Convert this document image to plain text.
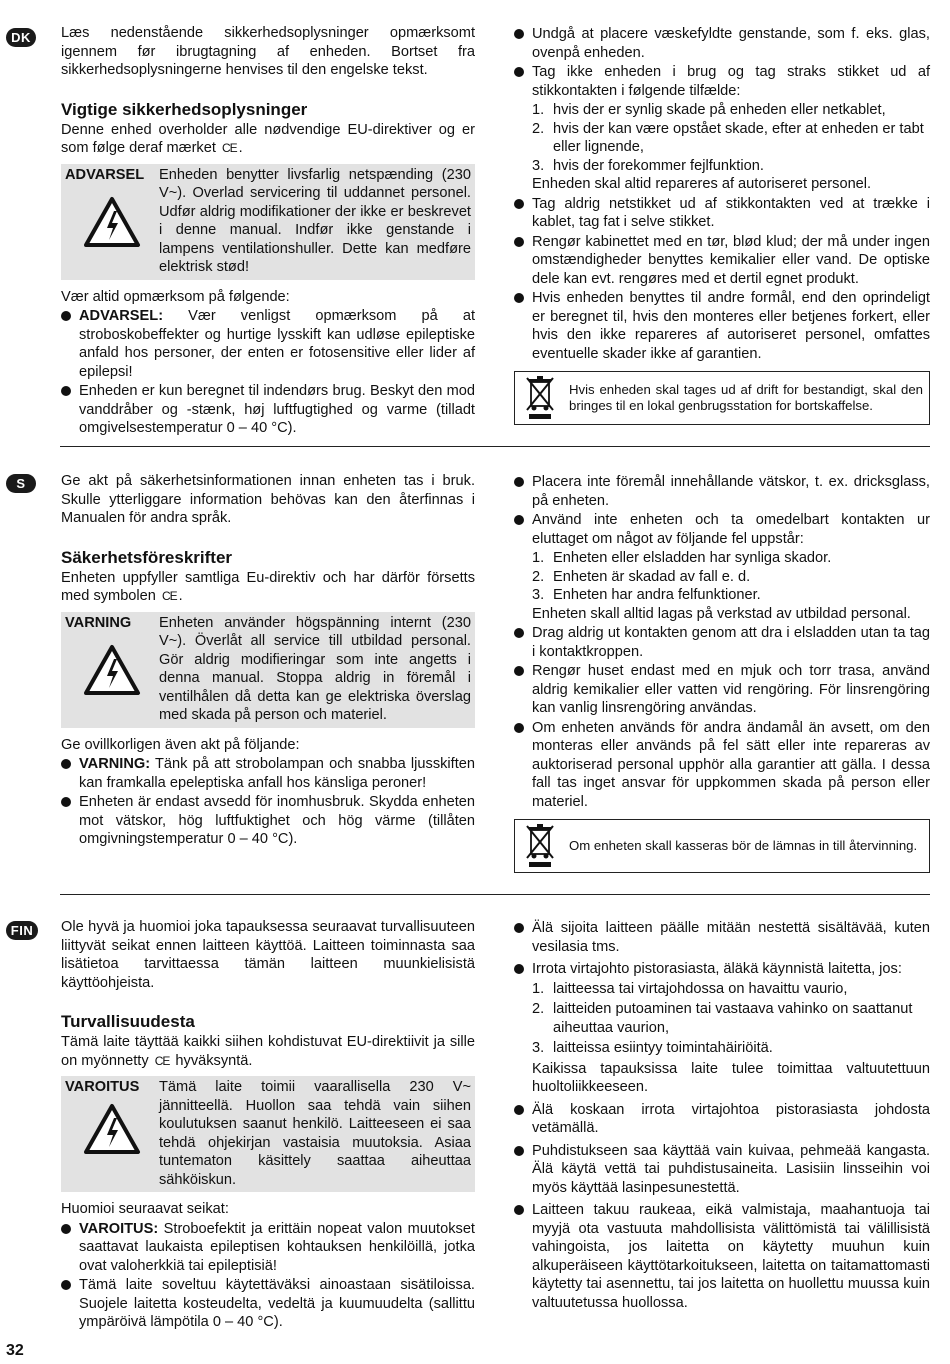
DK	Læs nedenstående sikkerhedsoplysninger opmærksomt igennem før ibrugtagning af enheden. Bortset fra sikkerhedsoplysningerne henvises til den engelske tekst.

Vigtige sikkerhedsoplysninger

Denne enhed overholder alle nødvendige EU-direktiver og er som følge deraf mærket CE .

ADVARSEL	Enheden benytter livsfarlig netspænding (230 V~). Overlad servicering til uddannet personel. Udfør aldrig modifikationer der ikke er beskrevet i denne manual. Indfør ikke genstande i lampens ventilationshuller. Dette kan medføre elektrisk stød!

Vær altid opmærksom på følgende:

ADVARSEL: Vær venligst opmærksom på at stroboskobeffekter og hurtige lysskift kan udløse epileptiske anfald hos personer, der enten er fotosensitive eller lider af epilepsi!
Enheden er kun beregnet til indendørs brug. Beskyt den mod vanddråber og -stænk, høj luftfugtighed og varme (tilladt omgivelsestemperatur 0 – 40 °C).
Undgå at placere væskefyldte genstande, som f. eks. glas, ovenpå enheden.
Tag ikke enheden i brug og tag straks stikket ud af stikkontakten i følgende tilfælde:
1. hvis der er synlig skade på enheden eller netkablet,
2. hvis der kan være opstået skade, efter at enheden er tabt eller lignende,
3. hvis der forekommer fejlfunktion.

Enheden skal altid repareres af autoriseret personel.

Tag aldrig netstikket ud af stikkontakten ved at trække i kablet, tag fat i selve stikket.
Rengør kabinettet med en tør, blød klud; der må under ingen omstændigheder benyttes kemikalier eller vand. De optiske dele kan evt. rengøres med et dertil egnet produkt.
Hvis enheden benyttes til andre formål, end den oprindeligt er beregnet til, hvis den monteres eller betjenes forkert, eller hvis den ikke repareres af autoriseret personel, omfattes eventuelle skader ikke af garantien.

Hvis enheden skal tages ud af drift for bestandigt, skal den bringes til en lokal genbrugsstation for bortskaffelse.

S	Ge akt på säkerhetsinformationen innan enheten tas i bruk. Skulle ytterliggare information behövas kan den återfinnas i Manualen för andra språk.

Säkerhetsföreskrifter

Enheten uppfyller samtliga Eu-direktiv och har därför försetts med symbolen CE .

VARNING	Enheten använder högspänning internt (230 V~). Överlåt all service till utbildad personal. Gör aldrig modifieringar som inte angetts i denna manual. Stoppa aldrig in föremål i ventilhålen då detta kan ge elektriska överslag med skada på person och materiel.

Ge ovillkorligen även akt på följande:

VARNING: Tänk på att strobolampan och snabba ljusskiften kan framkalla epeleptiska anfall hos känsliga peroner!
Enheten är endast avsedd för inomhusbruk. Skydda enheten mot vätskor, hög luftfuktighet och hög värme (tillåten omgivningstemperatur 0 – 40 °C).
Placera inte föremål innehållande vätskor, t. ex. dricksglass, på enheten.
Använd inte enheten och ta omedelbart kontakten ur eluttaget om något av följande fel uppstår:
1. Enheten eller elsladden har synliga skador.
2. Enheten är skadad av fall e. d.
3. Enheten har andra felfunktioner.

Enheten skall alltid lagas på verkstad av utbildad personal.

Drag aldrig ut kontakten genom att dra i elsladden utan ta tag i kontaktkroppen.
Rengør huset endast med en mjuk och torr trasa, använd aldrig kemikalier eller vatten vid rengöring. För linsrengöring kan vanlig linsrengöring användas.
Om enheten används för andra ändamål än avsett, om den monteras eller används på fel sätt eller inte repareras av auktoriserad personal upphör alla garantier att gälla. I dessa fall tas inget ansvar för uppkommen skada på person eller materiel.

Om enheten skall kasseras bör de lämnas in till återvinning.

FIN	Ole hyvä ja huomioi joka tapauksessa seuraavat turvallisuuteen liittyvät seikat ennen laitteen käyttöä. Laitteen toiminnasta saa lisätietoa tarvittaessa tämän laitteen muunkielisistä käyttöohjeista.

Turvallisuudesta

Tämä laite täyttää kaikki siihen kohdistuvat EU-direktiivit ja sille on myönnetty CE hyväksyntä.

VAROITUS	Tämä laite toimii vaarallisella 230 V~ jännitteellä. Huollon saa tehdä vain siihen koulutuksen saanut henkilö. Laitteeseen ei saa tehdä ohjekirjan vastaisia muutoksia. Asiaa tuntematon käsittely saattaa aiheuttaa sähköiskun.

Huomioi seuraavat seikat:

VAROITUS: Stroboefektit ja erittäin nopeat valon muutokset saattavat laukaista epileptisen kohtauksen henkilöillä, jotka ovat valoherkkiä tai epileptisiä!
Tämä laite soveltuu käytettäväksi ainoastaan sisätiloissa. Suojele laitetta kosteudelta, vedeltä ja kuumuudelta (sallittu ympäröivä lämpötila 0 – 40 °C).
Älä sijoita laitteen päälle mitään nestettä sisältävää, kuten vesilasia tms.
Irrota virtajohto pistorasiasta, äläkä käynnistä laitetta, jos:
1. laitteessa tai virtajohdossa on havaittu vaurio,
2. laitteiden putoaminen tai vastaava vahinko on saattanut aiheuttaa vaurion,
3. laitteissa esiintyy toimintahäiriöitä.

Kaikissa tapauksissa laite tulee toimittaa valtuutettuun huoltoliikkeeseen.

Älä koskaan irrota virtajohtoa pistorasiasta johdosta vetämällä.
Puhdistukseen saa käyttää vain kuivaa, pehmeää kangasta. Älä käytä vettä tai puhdistusaineita. Lasisiin linsseihin voi myös käyttää lasinpesunestettä.
Laitteen takuu raukeaa, eikä valmistaja, maahantuoja tai myyjä ota vastuuta mahdollisista välittömistä tai välillisistä vahingoista, jos laitetta on käytetty muuhun kuin alkuperäiseen käyttötarkoitukseen, laitetta on taitamattomasti käytetty tai asennettu, tai jos laitetta on huollettu muussa kuin valtuutetussa huollossa.
32
